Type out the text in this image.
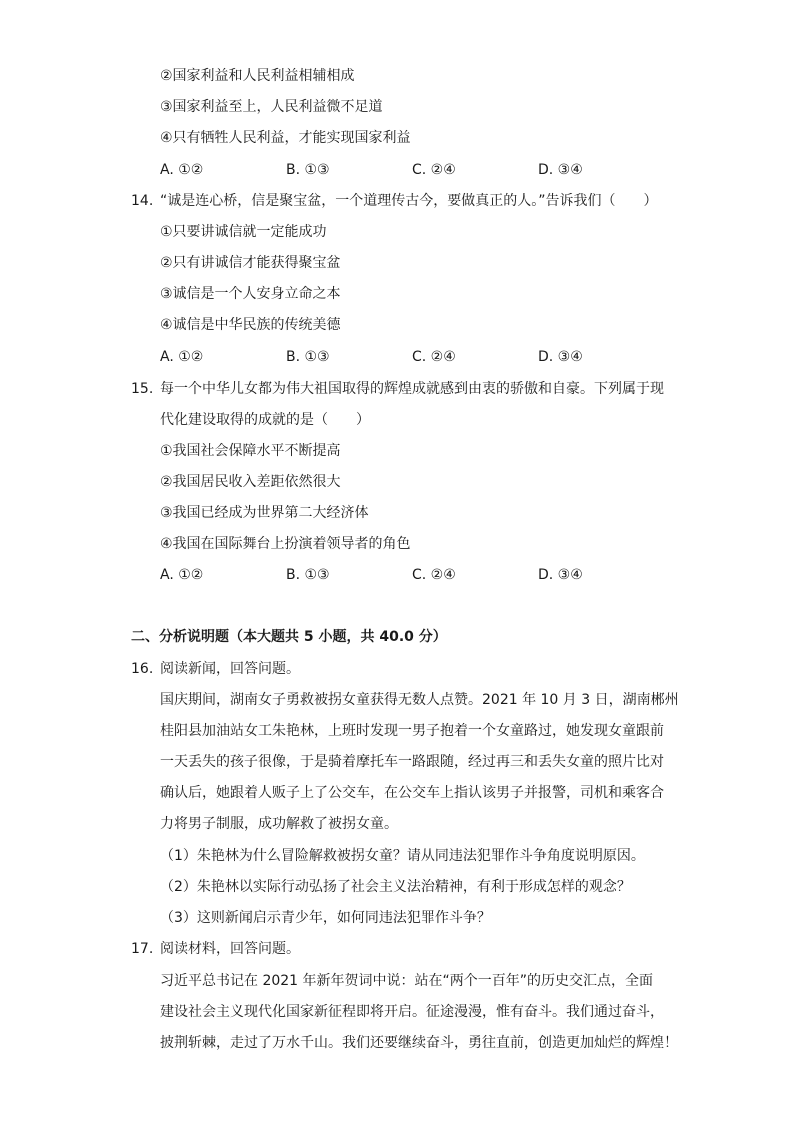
②国家利益和人民利益相辅相成
③国家利益至上，人民利益微不足道
④只有牺牲人民利益，才能实现国家利益
A. ①②	B. ①③	C. ②④	D. ③④
14. “诚是连心桥，信是聚宝盆，一个道理传古今，要做真正的人。”告诉我们（　　）
①只要讲诚信就一定能成功
②只有讲诚信才能获得聚宝盆
③诚信是一个人安身立命之本
④诚信是中华民族的传统美德
A. ①②	B. ①③	C. ②④	D. ③④
15. 每一个中华儿女都为伟大祖国取得的辉煌成就感到由衷的骄傲和自豪。下列属于现
代化建设取得的成就的是（　　）
①我国社会保障水平不断提高
②我国居民收入差距依然很大
③我国已经成为世界第二大经济体
④我国在国际舞台上扮演着领导者的角色
A. ①②	B. ①③	C. ②④	D. ③④
二、分析说明题（本大题共 5 小题，共 40.0 分）
16. 阅读新闻，回答问题。
国庆期间，湖南女子勇救被拐女童获得无数人点赞。2021 年 10 月 3 日，湖南郴州
桂阳县加油站女工朱艳林，上班时发现一男子抱着一个女童路过，她发现女童跟前
一天丢失的孩子很像，于是骑着摩托车一路跟随，经过再三和丢失女童的照片比对
确认后，她跟着人贩子上了公交车，在公交车上指认该男子并报警，司机和乘客合
力将男子制服，成功解救了被拐女童。
（1）朱艳林为什么冒险解救被拐女童？请从同违法犯罪作斗争角度说明原因。
（2）朱艳林以实际行动弘扬了社会主义法治精神，有利于形成怎样的观念？
（3）这则新闻启示青少年，如何同违法犯罪作斗争？
17. 阅读材料，回答问题。
习近平总书记在 2021 年新年贺词中说：站在“两个一百年”的历史交汇点，全面
建设社会主义现代化国家新征程即将开启。征途漫漫，惟有奋斗。我们通过奋斗，
披荆斩棘，走过了万水千山。我们还要继续奋斗，勇往直前，创造更加灿烂的辉煌！
